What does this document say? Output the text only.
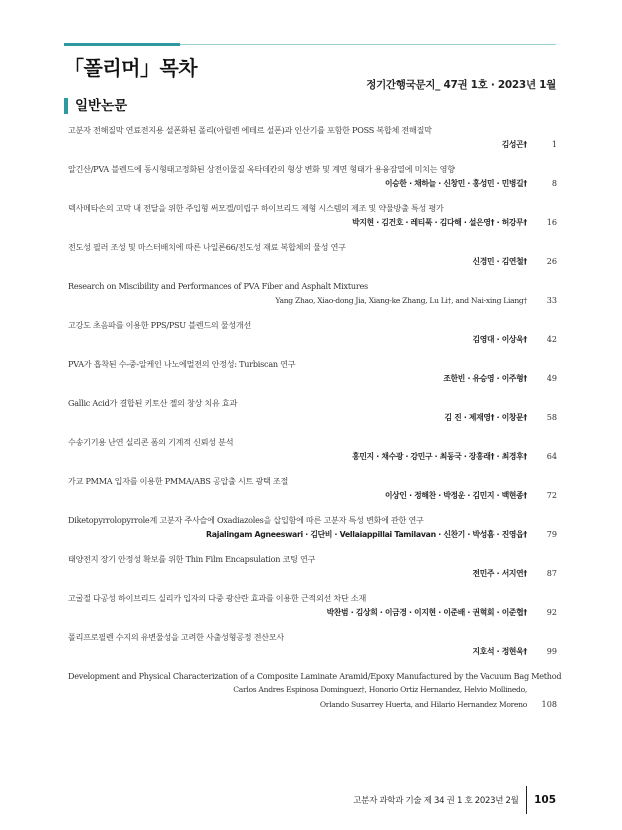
「폴리머」목차
정기간행국문지_ 47권 1호 · 2023년 1월
일반논문
고분자 전해질막 연료전지용 설폰화된 폴리(아릴렌 에테르 설폰)과 인산기를 포함한 POSS 복합체 전해질막
김성곤†	1
알긴산/PVA 블렌드에 동시형태고정화된 상전이물질 옥타데칸의 형상 변화 및 계면 형태가 용융잠열에 미치는 영향
이승한 · 채하늘 · 신창민 · 홍성민 · 민병길†	8
덱사메타손의 고막 내 전달을 위한 주입형 써모겔/미립구 하이브리드 제형 시스템의 제조 및 약물방출 특성 평가
박지현 · 김건호 · 레티푹 · 김다해 · 설은영† · 허강무†	16
전도성 필러 조성 및 마스터배치에 따른 나일론66/전도성 재료 복합체의 물성 연구
신경민 · 김연철†	26
Research on Miscibility and Performances of PVA Fiber and Asphalt Mixtures
Yang Zhao, Xiao-dong Jia, Xiang-ke Zhang, Lu Li†, and Nai-xing Liang†	33
고강도 초음파를 이용한 PPS/PSU 블렌드의 물성개선
김영대 · 이상욱†	42
PVA가 흡착된 수-중-알케인 나노에멀젼의 안정성: Turbiscan 연구
조한빈 · 유승영 · 이주형†	49
Gallic Acid가 결합된 키토산 젤의 창상 치유 효과
김 진 · 제재영† · 이창문†	58
수송기기용 난연 실리콘 폼의 기계적 신뢰성 분석
홍민지 · 채수광 · 강민구 · 최동국 · 장홍래† · 최경후†	64
가교 PMMA 입자를 이용한 PMMA/ABS 공압출 시트 광택 조절
이상인 · 정해찬 · 박정운 · 김민지 · 백현종†	72
Diketopyrrolopyrrole계 고분자 주사슬에 Oxadiazoles을 삽입함에 따른 고분자 특성 변화에 관한 연구
Rajalingam Agneeswari · 김단비 · Vellaiappillai Tamilavan · 신찬기 · 박성흠 · 진영읍†	79
태양전지 장기 안정성 확보를 위한 Thin Film Encapsulation 코팅 연구
전민주 · 서지연†	87
고굴절 다공성 하이브리드 실리카 입자의 다중 광산란 효과를 이용한 근적외선 차단 소재
박찬범 · 김상희 · 이금경 · 이지현 · 이준배 · 권혁회 · 이준협†	92
폴리프로필렌 수지의 유변물성을 고려한 사출성형공정 전산모사
지호석 · 정현욱†	99
Development and Physical Characterization of a Composite Laminate Aramid/Epoxy Manufactured by the Vacuum Bag Method
Carlos Andres Espinosa Dominguez†, Honorio Ortiz Hernandez, Helvio Mollinedo,
Orlando Susarrey Huerta, and Hilario Hernandez Moreno	108
고분자 과학과 기술 제 34 권 1 호 2023년 2월 105
